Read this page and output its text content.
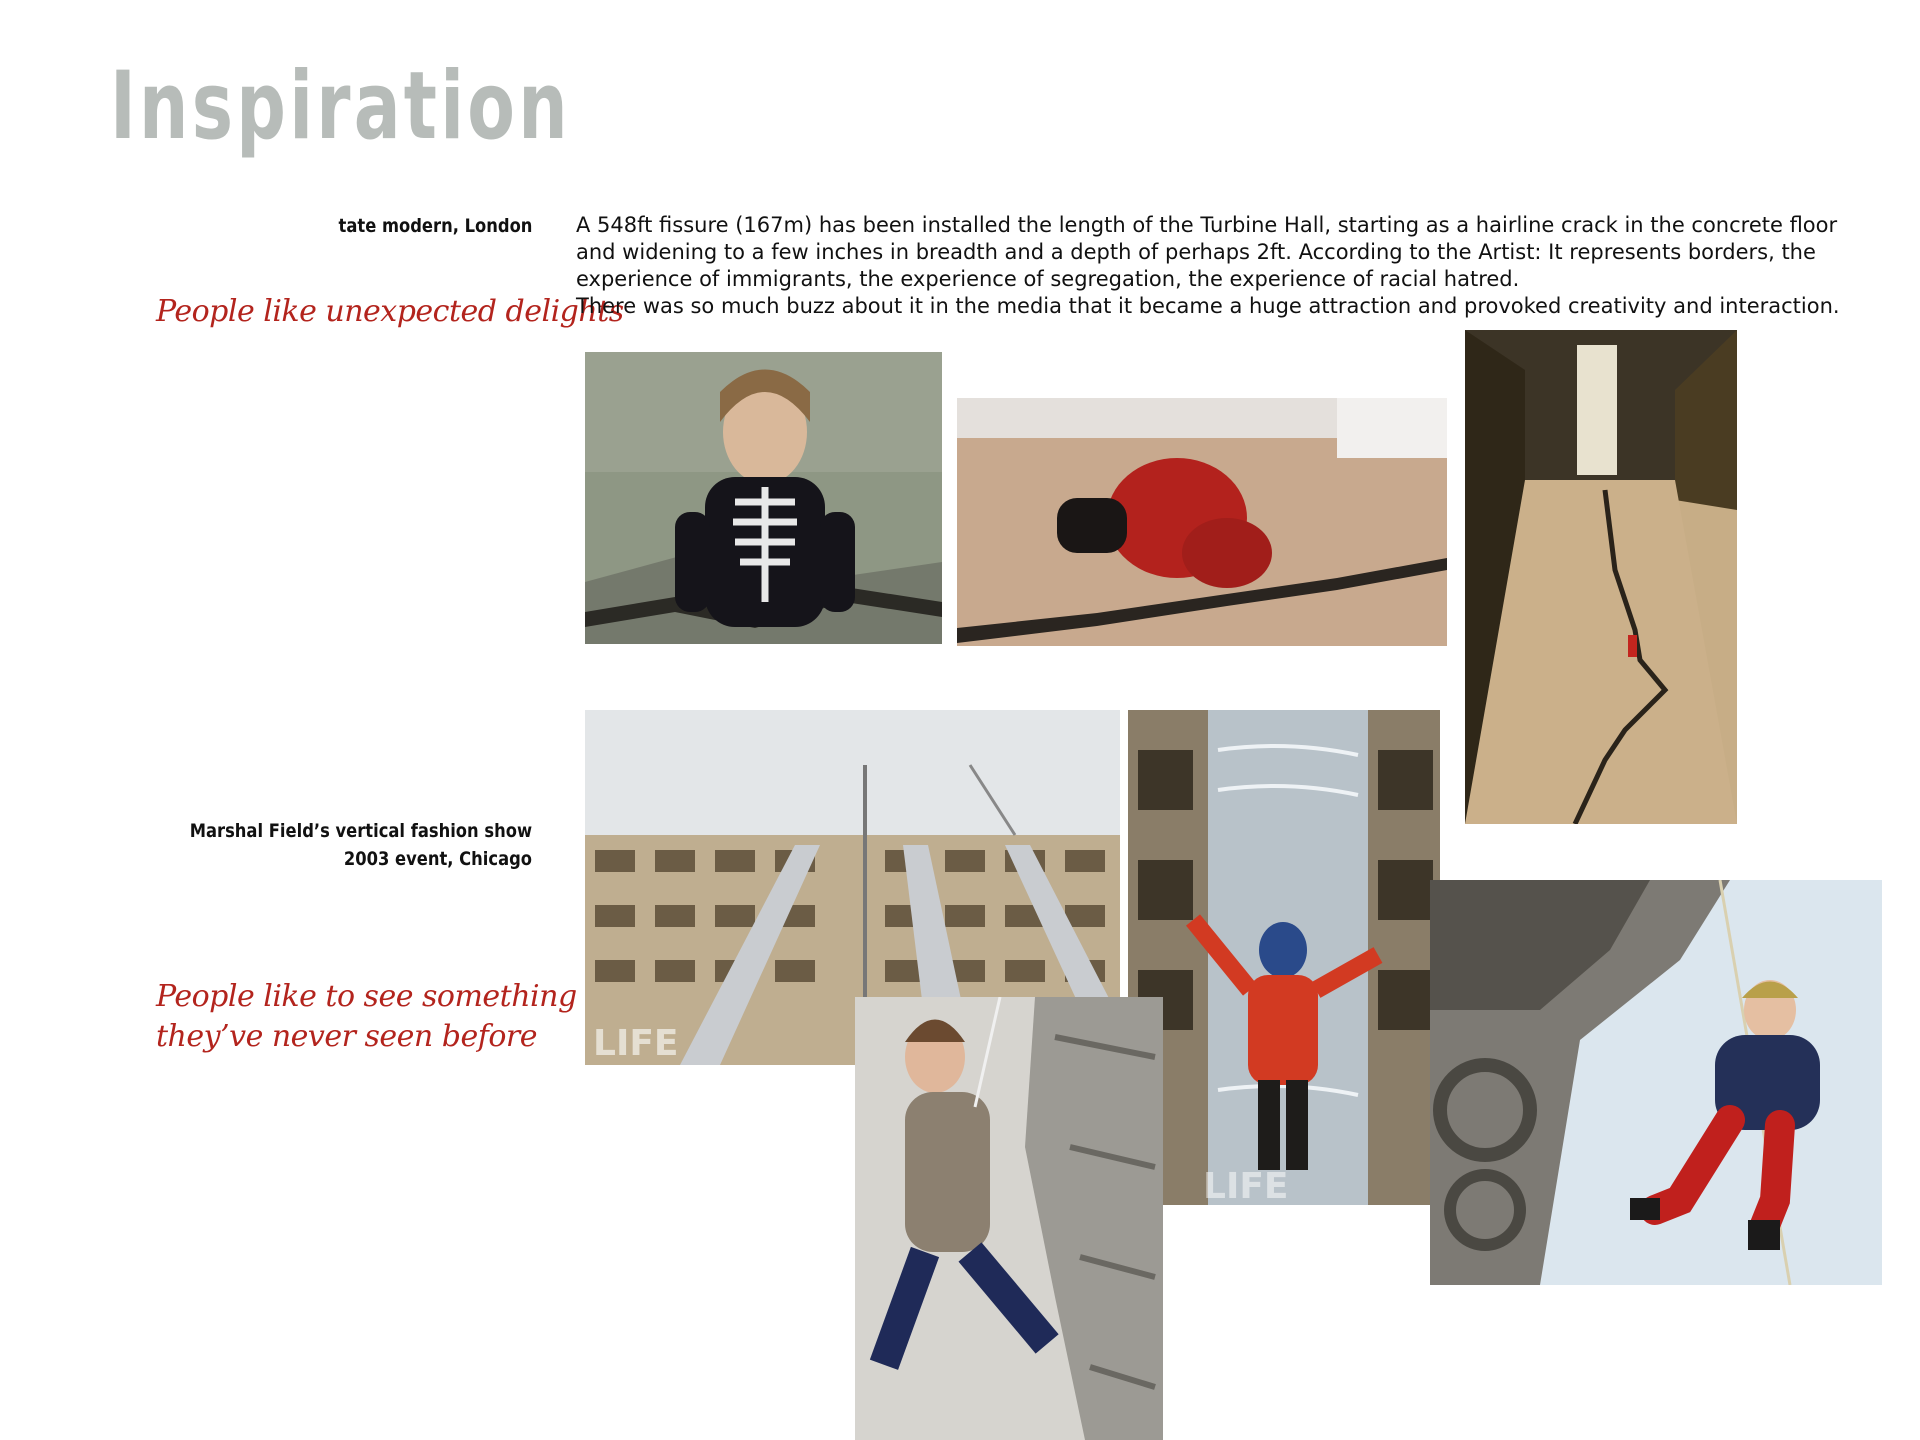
Inspiration
tate modern, London
People like unexpected delights

A 548ft fissure (167m) has been installed the length of the Turbine Hall, starting as a hairline crack in the concrete floor and widening to a few inches in breadth and a depth of perhaps 2ft. According to the Artist: It represents borders, the experience of immigrants, the experience of segregation, the experience of racial hatred.

There was so much buzz about it in the media that it became a huge attraction and provoked creativity and interaction.

Marshal Field’s vertical fashion show
2003 event, Chicago
People like to see something
they’ve never seen before	LIFE
LIFE
